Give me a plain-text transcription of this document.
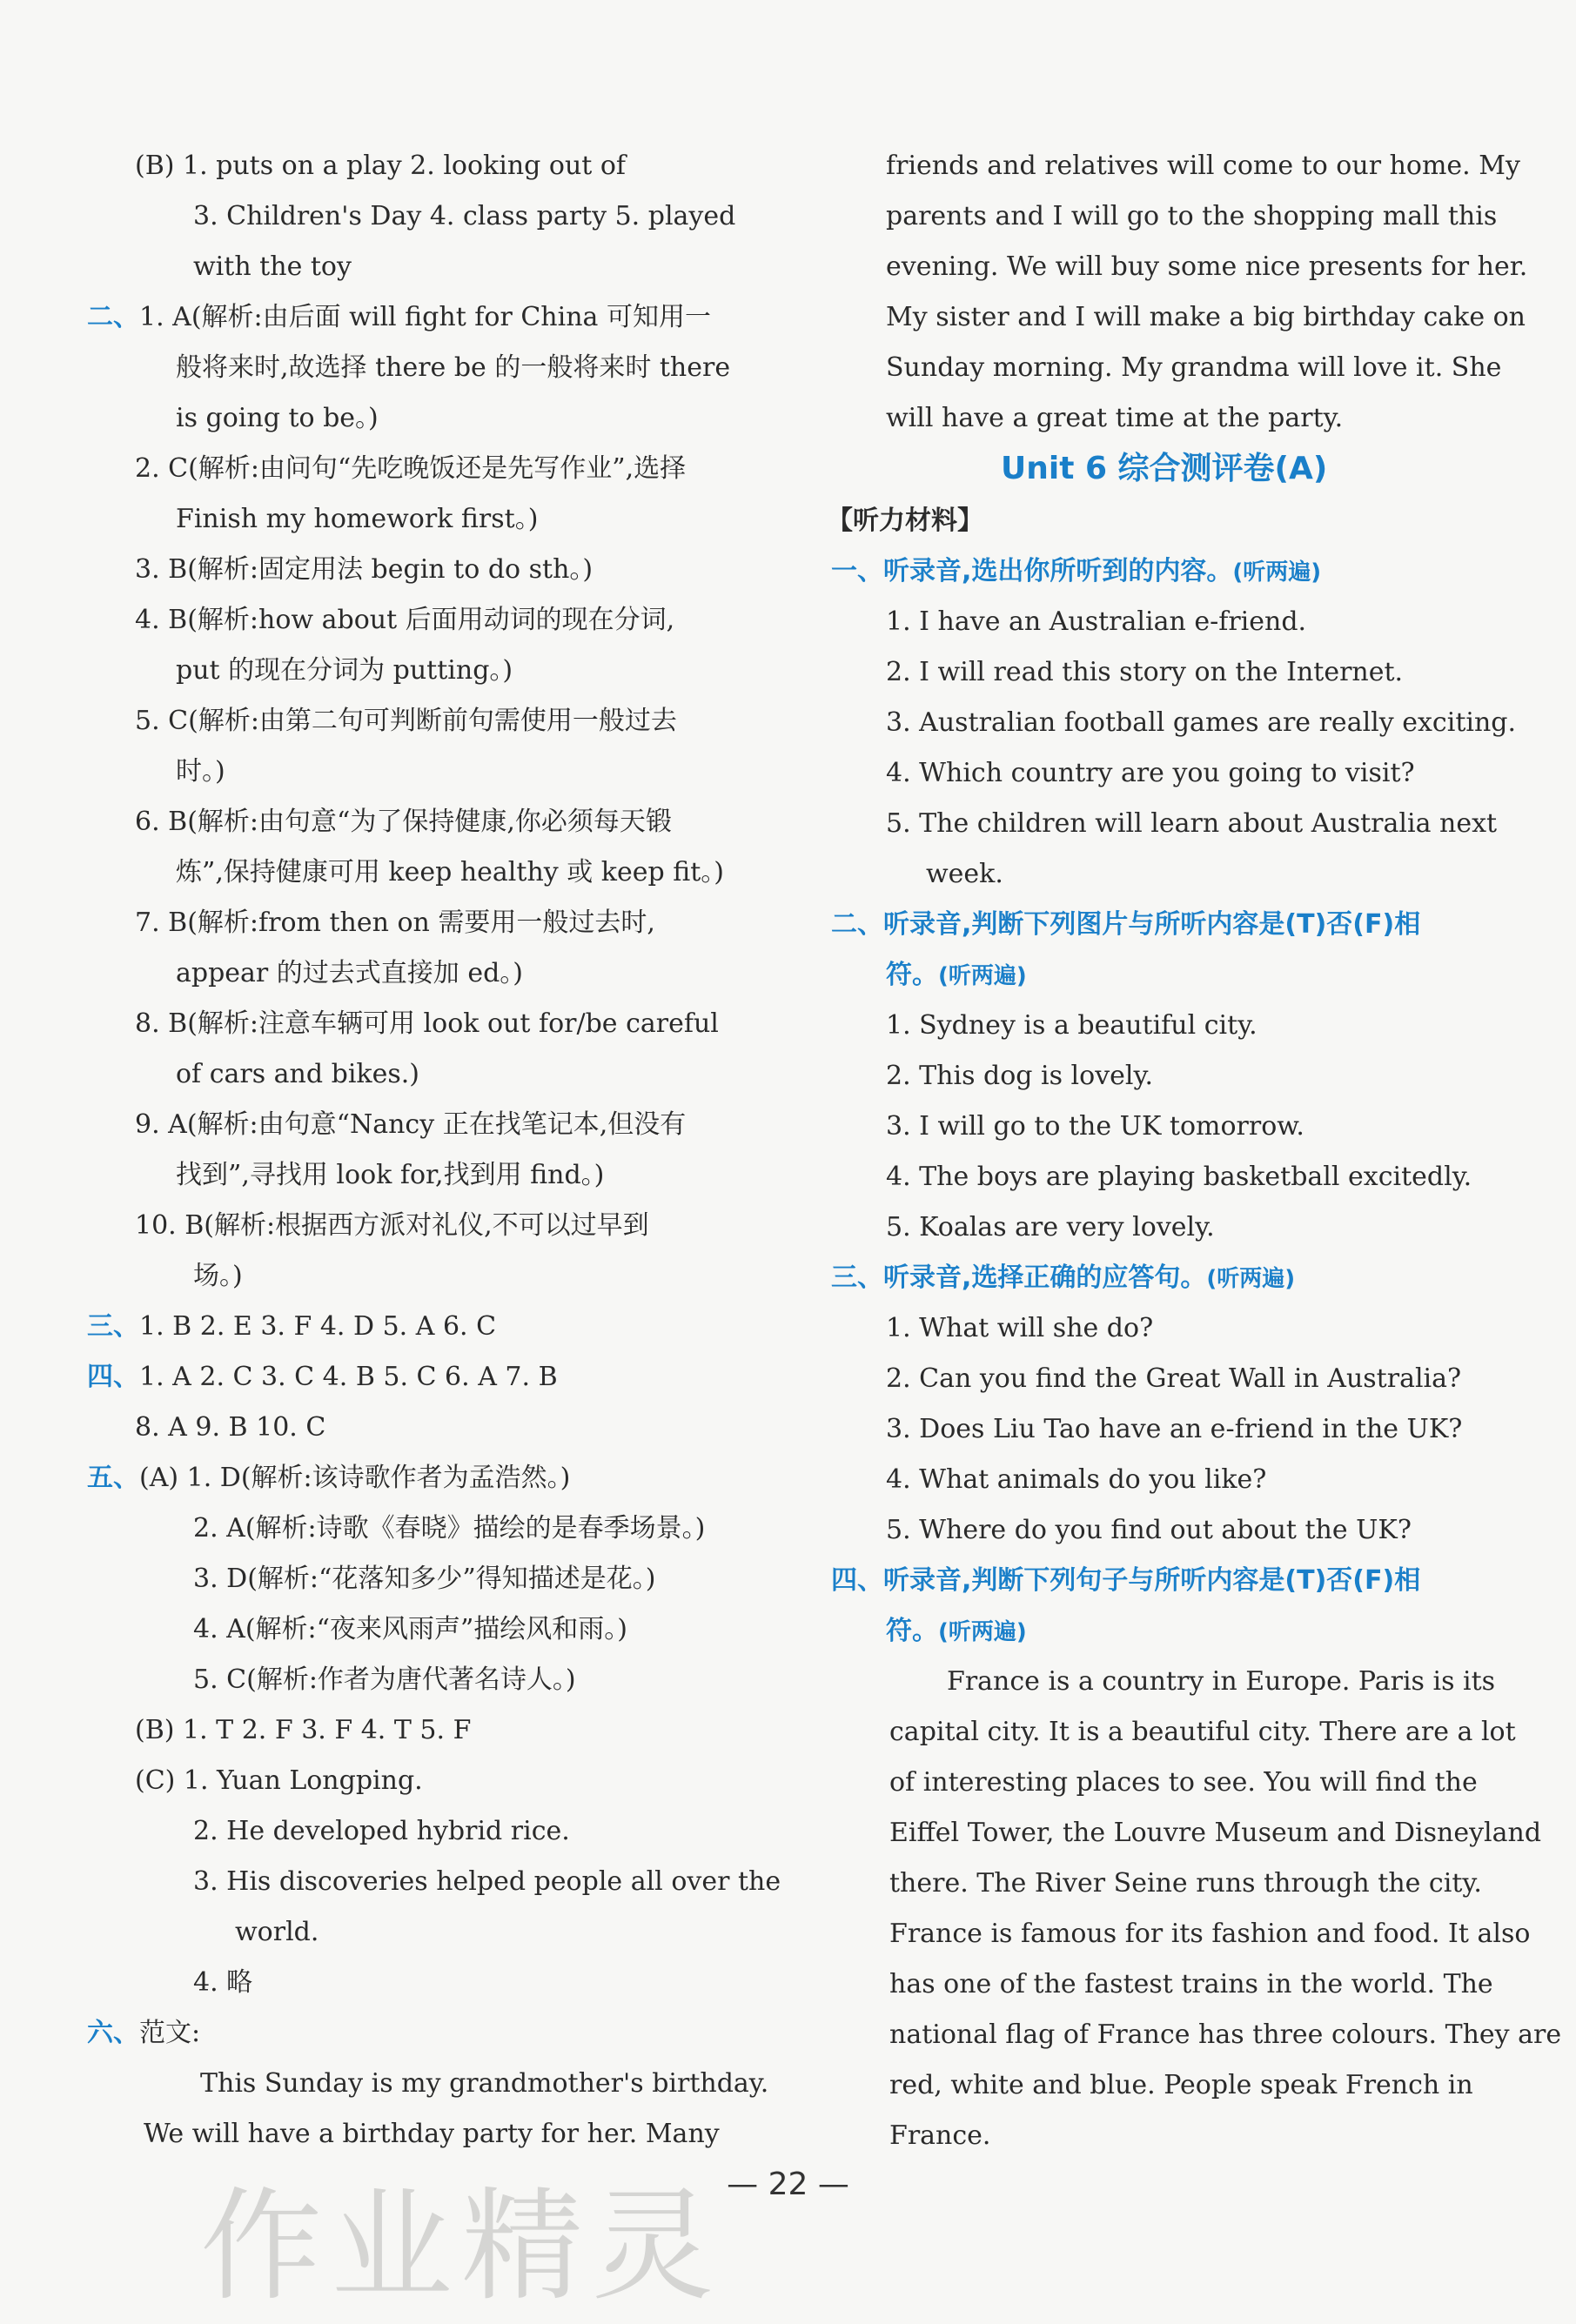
(B) 1. puts on a play 2. looking out of
3. Children's Day 4. class party 5. played
with the toy
二、1. A(解析:由后面 will fight for China 可知用一
般将来时,故选择 there be 的一般将来时 there
is going to be。)
2. C(解析:由问句“先吃晚饭还是先写作业”,选择
Finish my homework first。)
3. B(解析:固定用法 begin to do sth。)
4. B(解析:how about 后面用动词的现在分词,
put 的现在分词为 putting。)
5. C(解析:由第二句可判断前句需使用一般过去
时。)
6. B(解析:由句意“为了保持健康,你必须每天锻
炼”,保持健康可用 keep healthy 或 keep fit。)
7. B(解析:from then on 需要用一般过去时,
appear 的过去式直接加 ed。)
8. B(解析:注意车辆可用 look out for/be careful
of cars and bikes.)
9. A(解析:由句意“Nancy 正在找笔记本,但没有
找到”,寻找用 look for,找到用 find。)
10. B(解析:根据西方派对礼仪,不可以过早到
场。)
三、1. B 2. E 3. F 4. D 5. A 6. C
四、1. A 2. C 3. C 4. B 5. C 6. A 7. B
8. A 9. B 10. C
五、(A) 1. D(解析:该诗歌作者为孟浩然。)
2. A(解析:诗歌《春晓》描绘的是春季场景。)
3. D(解析:“花落知多少”得知描述是花。)
4. A(解析:“夜来风雨声”描绘风和雨。)
5. C(解析:作者为唐代著名诗人。)
(B) 1. T 2. F 3. F 4. T 5. F
(C) 1. Yuan Longping.
2. He developed hybrid rice.
3. His discoveries helped people all over the
world.
4. 略
六、范文:
This Sunday is my grandmother's birthday.
We will have a birthday party for her. Many
friends and relatives will come to our home. My
parents and I will go to the shopping mall this
evening. We will buy some nice presents for her.
My sister and I will make a big birthday cake on
Sunday morning. My grandma will love it. She
will have a great time at the party.
Unit 6 综合测评卷(A)
【听力材料】
一、听录音,选出你所听到的内容。(听两遍)
1. I have an Australian e-friend.
2. I will read this story on the Internet.
3. Australian football games are really exciting.
4. Which country are you going to visit?
5. The children will learn about Australia next
week.
二、听录音,判断下列图片与所听内容是(T)否(F)相
符。(听两遍)
1. Sydney is a beautiful city.
2. This dog is lovely.
3. I will go to the UK tomorrow.
4. The boys are playing basketball excitedly.
5. Koalas are very lovely.
三、听录音,选择正确的应答句。(听两遍)
1. What will she do?
2. Can you find the Great Wall in Australia?
3. Does Liu Tao have an e-friend in the UK?
4. What animals do you like?
5. Where do you find out about the UK?
四、听录音,判断下列句子与所听内容是(T)否(F)相
符。(听两遍)
France is a country in Europe. Paris is its
capital city. It is a beautiful city. There are a lot
of interesting places to see. You will find the
Eiffel Tower, the Louvre Museum and Disneyland
there. The River Seine runs through the city.
France is famous for its fashion and food. It also
has one of the fastest trains in the world. The
national flag of France has three colours. They are
red, white and blue. People speak French in
France.
作业精灵 — 22 —
